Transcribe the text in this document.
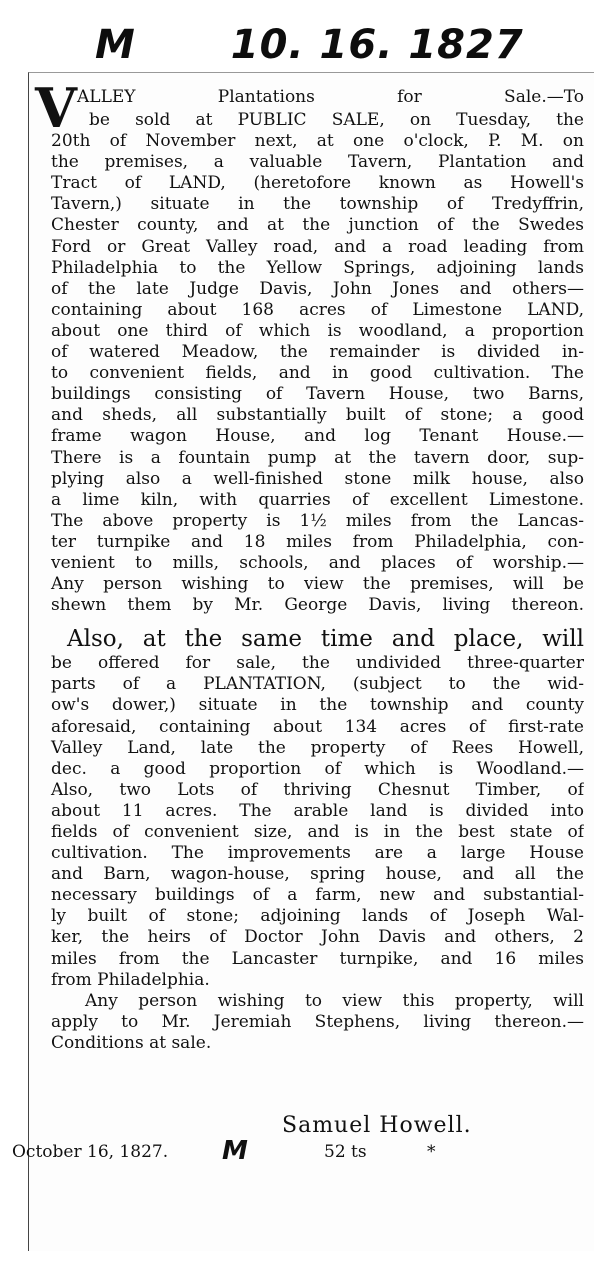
M 10. 16. 1827
V ALLEY Plantations for Sale.—To

be sold at PUBLIC SALE, on Tuesday, the

20th of November next, at one o'clock, P. M. on

the premises, a valuable Tavern, Plantation and

Tract of LAND, (heretofore known as Howell's

Tavern,) situate in the township of Tredyffrin,

Chester county, and at the junction of the Swedes

Ford or Great Valley road, and a road leading from

Philadelphia to the Yellow Springs, adjoining lands

of the late Judge Davis, John Jones and others—

containing about 168 acres of Limestone LAND,

about one third of which is woodland, a proportion

of watered Meadow, the remainder is divided in-

to convenient fields, and in good cultivation. The

buildings consisting of Tavern House, two Barns,

and sheds, all substantially built of stone; a good

frame wagon House, and log Tenant House.—

There is a fountain pump at the tavern door, sup-

plying also a well-finished stone milk house, also

a lime kiln, with quarries of excellent Limestone.

The above property is 1½ miles from the Lancas-

ter turnpike and 18 miles from Philadelphia, con-

venient to mills, schools, and places of worship.—

Any person wishing to view the premises, will be

shewn them by Mr. George Davis, living thereon.

Also, at the same time and place, will

be offered for sale, the undivided three-quarter

parts of a PLANTATION, (subject to the wid-

ow's dower,) situate in the township and county

aforesaid, containing about 134 acres of first-rate

Valley Land, late the property of Rees Howell,

dec. a good proportion of which is Woodland.—

Also, two Lots of thriving Chesnut Timber, of

about 11 acres. The arable land is divided into

fields of convenient size, and is in the best state of

cultivation. The improvements are a large House

and Barn, wagon-house, spring house, and all the

necessary buildings of a farm, new and substantial-

ly built of stone; adjoining lands of Joseph Wal-

ker, the heirs of Doctor John Davis and others, 2

miles from the Lancaster turnpike, and 16 miles

from Philadelphia.

Any person wishing to view this property, will

apply to Mr. Jeremiah Stephens, living thereon.—

Conditions at sale.

Samuel Howell.
October 16, 1827. M	52 ts	*
